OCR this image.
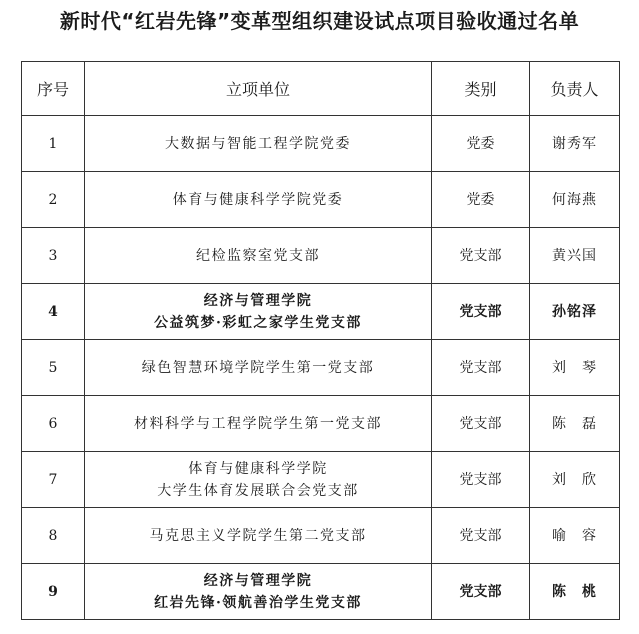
新时代“红岩先锋”变革型组织建设试点项目验收通过名单
序号	立项单位	类别	负责人
1	大数据与智能工程学院党委	党委	谢秀军
2	体育与健康科学学院党委	党委	何海燕
3	纪检监察室党支部	党支部	黄兴国
4	经济与管理学院
公益筑梦·彩虹之家学生党支部	党支部	孙铭泽
5	绿色智慧环境学院学生第一党支部	党支部	刘　琴
6	材料科学与工程学院学生第一党支部	党支部	陈　磊
7	体育与健康科学学院
大学生体育发展联合会党支部	党支部	刘　欣
8	马克思主义学院学生第二党支部	党支部	喻　容
9	经济与管理学院
红岩先锋·领航善治学生党支部	党支部	陈　桃
